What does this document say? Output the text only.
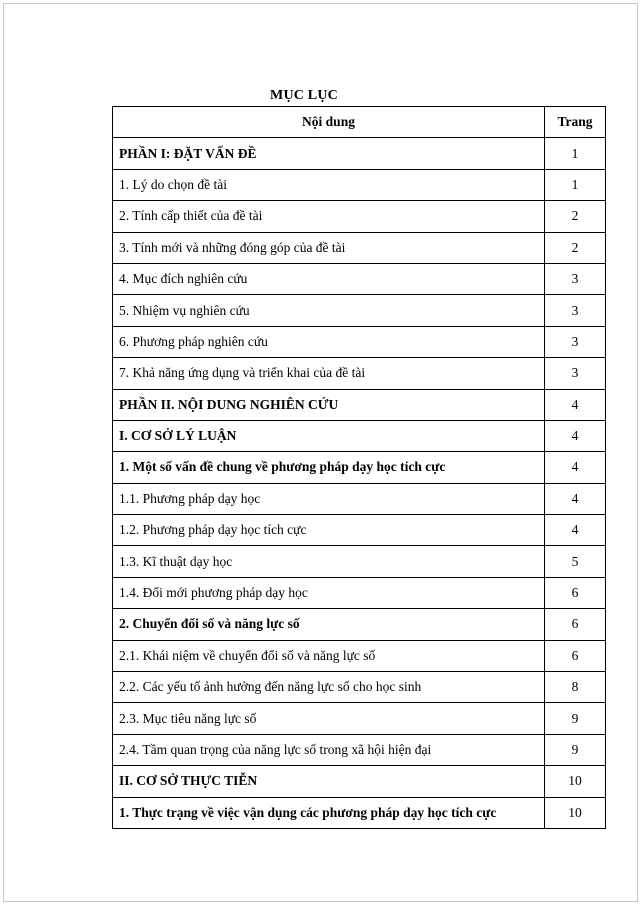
MỤC LỤC
Nội dung	Trang
PHẦN I: ĐẶT VẤN ĐỀ	1
1. Lý do chọn đề tài	1
2. Tính cấp thiết của đề tài	2
3. Tính mới và những đóng góp của đề tài	2
4. Mục đích nghiên cứu	3
5. Nhiệm vụ nghiên cứu	3
6. Phương pháp nghiên cứu	3
7. Khả năng ứng dụng và triển khai của đề tài	3
PHẦN II. NỘI DUNG NGHIÊN CỨU	4
I. CƠ SỞ LÝ LUẬN	4
1. Một số vấn đề chung về phương pháp dạy học tích cực	4
1.1. Phương pháp dạy học	4
1.2. Phương pháp dạy học tích cực	4
1.3. Kĩ thuật dạy học	5
1.4. Đổi mới phương pháp dạy học	6
2. Chuyển đổi số và năng lực số	6
2.1. Khái niệm về chuyển đổi số và năng lực số	6
2.2. Các yếu tố ảnh hưởng đến năng lực số cho học sinh	8
2.3. Mục tiêu năng lực số	9
2.4. Tầm quan trọng của năng lực số trong xã hội hiện đại	9
II. CƠ SỞ THỰC TIỄN	10
1. Thực trạng về việc vận dụng các phương pháp dạy học tích cực	10
